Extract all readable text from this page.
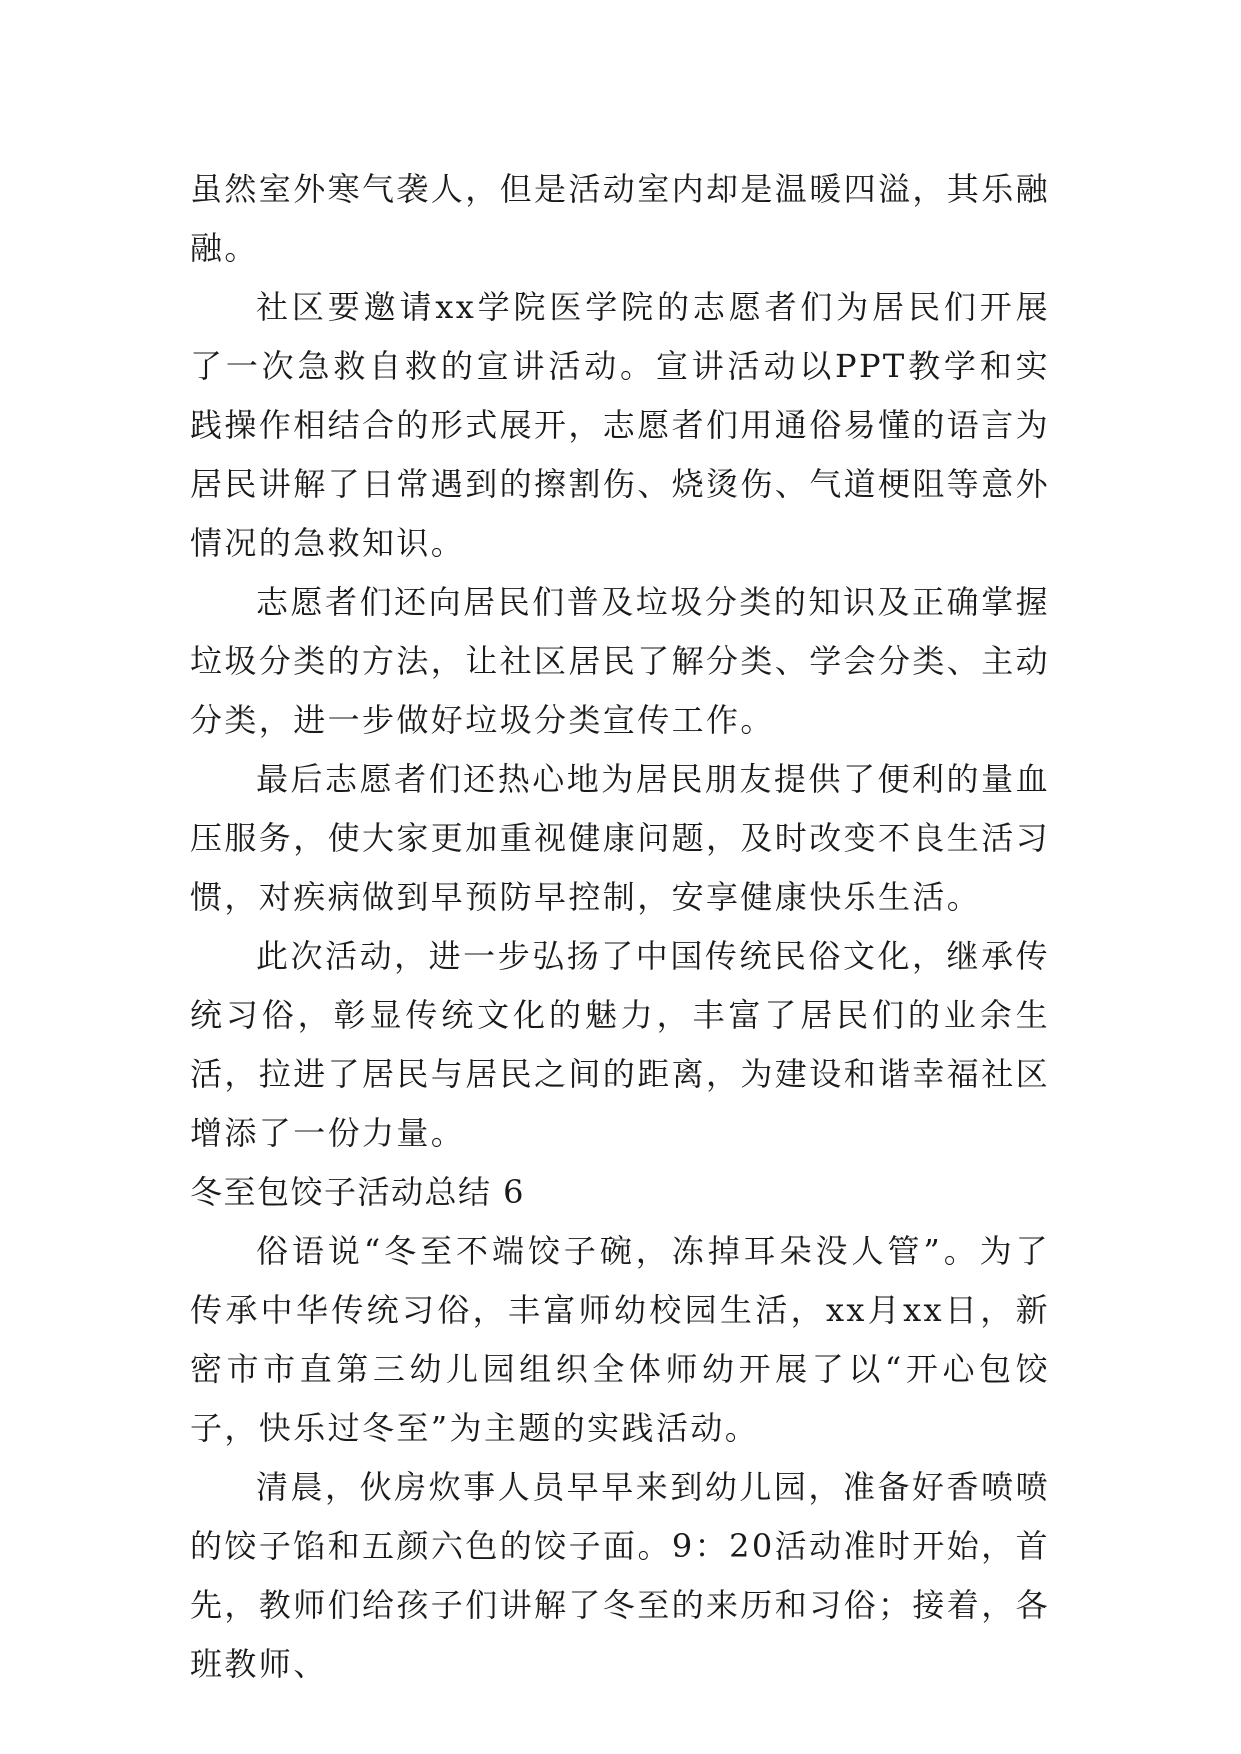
虽然室外寒气袭人，但是活动室内却是温暖四溢，其乐融融。

社区要邀请xx学院医学院的志愿者们为居民们开展了一次急救自救的宣讲活动。宣讲活动以PPT教学和实践操作相结合的形式展开，志愿者们用通俗易懂的语言为居民讲解了日常遇到的擦割伤、烧烫伤、气道梗阻等意外情况的急救知识。

志愿者们还向居民们普及垃圾分类的知识及正确掌握垃圾分类的方法，让社区居民了解分类、学会分类、主动分类，进一步做好垃圾分类宣传工作。

最后志愿者们还热心地为居民朋友提供了便利的量血压服务，使大家更加重视健康问题，及时改变不良生活习惯，对疾病做到早预防早控制，安享健康快乐生活。

此次活动，进一步弘扬了中国传统民俗文化，继承传统习俗，彰显传统文化的魅力，丰富了居民们的业余生活，拉进了居民与居民之间的距离，为建设和谐幸福社区增添了一份力量。

冬至包饺子活动总结 6

俗语说“冬至不端饺子碗，冻掉耳朵没人管”。为了传承中华传统习俗，丰富师幼校园生活，xx月xx日，新密市市直第三幼儿园组织全体师幼开展了以“开心包饺子，快乐过冬至”为主题的实践活动。

清晨，伙房炊事人员早早来到幼儿园，准备好香喷喷的饺子馅和五颜六色的饺子面。9：20活动准时开始，首先，教师们给孩子们讲解了冬至的来历和习俗；接着，各班教师、
